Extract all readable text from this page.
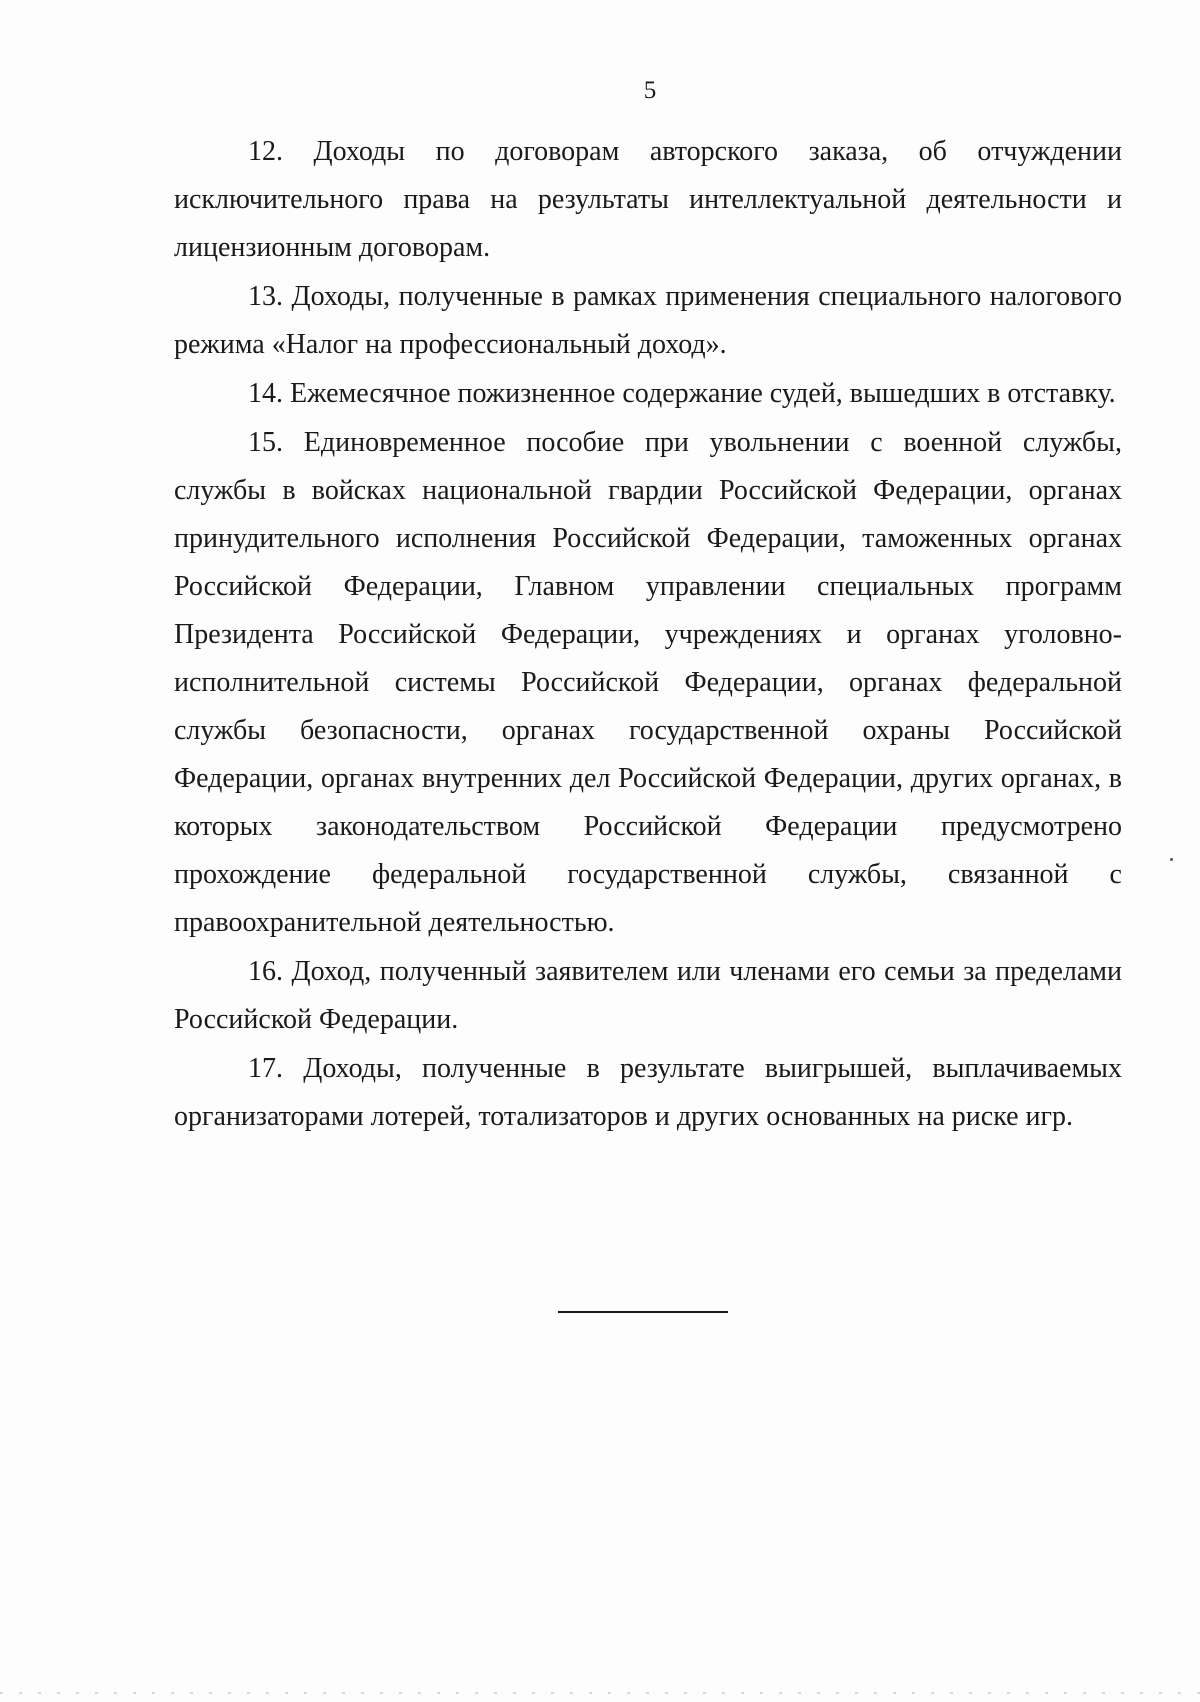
5

12. Доходы по договорам авторского заказа, об отчуждении исключительного права на результаты интеллектуальной деятельности и лицензионным договорам.

13. Доходы, полученные в рамках применения специального налогового режима «Налог на профессиональный доход».

14. Ежемесячное пожизненное содержание судей, вышедших в отставку.

15. Единовременное пособие при увольнении с военной службы, службы в войсках национальной гвардии Российской Федерации, органах принудительного исполнения Российской Федерации, таможенных органах Российской Федерации, Главном управлении специальных программ Президента Российской Федерации, учреждениях и органах уголовно-исполнительной системы Российской Федерации, органах федеральной службы безопасности, органах государственной охраны Российской Федерации, органах внутренних дел Российской Федерации, других органах, в которых законодательством Российской Федерации предусмотрено прохождение федеральной государственной службы, связанной с правоохранительной деятельностью.

16. Доход, полученный заявителем или членами его семьи за пределами Российской Федерации.

17. Доходы, полученные в результате выигрышей, выплачиваемых организаторами лотерей, тотализаторов и других основанных на риске игр.
